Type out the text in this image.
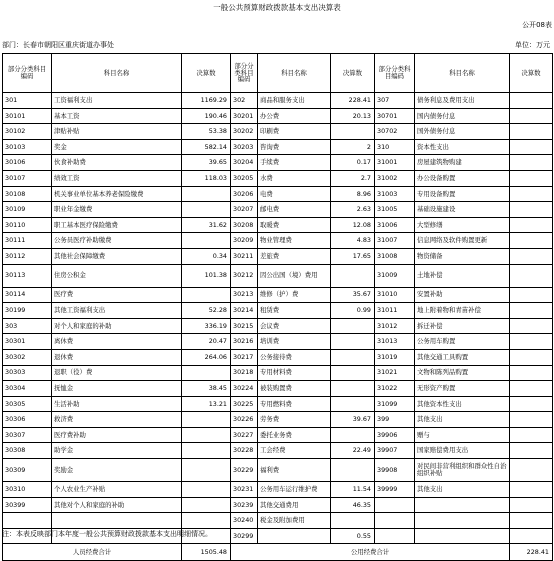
一般公共预算财政拨款基本支出决算表
公开08表
部门：长春市朝阳区重庆街道办事处	单位：万元
部分分类科目编码	科目名称	决算数	部分分类科目编码	科目名称	决算数	部分分类科目编码	科目名称	决算数
301	工资福利支出	1169.29	302	商品和服务支出	228.41	307	债务利息及费用支出	
30101	基本工资	190.46	30201	办公费	20.13	30701	国内债务付息	
30102	津贴补贴	53.38	30202	印刷费		30702	国外债务付息	
30103	奖金	582.14	30203	咨询费	2	310	资本性支出	
30106	伙食补助费	39.65	30204	手续费	0.17	31001	房屋建筑物购建	
30107	绩效工资	118.03	30205	水费	2.7	31002	办公设备购置	
30108	机关事业单位基本养老保险缴费		30206	电费	8.96	31003	专用设备购置	
30109	职业年金缴费		30207	邮电费	2.63	31005	基础设施建设	
30110	职工基本医疗保险缴费	31.62	30208	取暖费	12.08	31006	大型修缮	
30111	公务员医疗补助缴费		30209	物业管理费	4.83	31007	信息网络及软件购置更新	
30112	其他社会保障缴费	0.34	30211	差旅费	17.65	31008	物资储备	
30113	住房公积金	101.38	30212	因公出国（境）费用		31009	土地补偿	
30114	医疗费		30213	维修（护）费	35.67	31010	安置补助	
30199	其他工资福利支出	52.28	30214	租赁费	0.99	31011	地上附着物和青苗补偿	
303	对个人和家庭的补助	336.19	30215	会议费		31012	拆迁补偿	
30301	离休费	20.47	30216	培训费		31013	公务用车购置	
30302	退休费	264.06	30217	公务接待费		31019	其他交通工具购置	
30303	退职（役）费		30218	专用材料费		31021	文物和陈列品购置	
30304	抚恤金	38.45	30224	被装购置费		31022	无形资产购置	
30305	生活补助	13.21	30225	专用燃料费		31099	其他资本性支出	
30306	救济费		30226	劳务费	39.67	399	其他支出	
30307	医疗费补助		30227	委托业务费		39906	赠与	
30308	助学金		30228	工会经费	22.49	39907	国家赔偿费用支出	
30309	奖励金		30229	福利费		39908	对民间非营利组织和群众性自治组织补贴	
30310	个人农业生产补贴		30231	公务用车运行维护费	11.54	39999	其他支出	
30399	其他对个人和家庭的补助		30239	其他交通费用	46.35			
			30240	税金及附加费用				
			30299		0.55			
人员经费合计		1505.48	公用经费合计					228.41
注：本表反映部门本年度一般公共预算财政拨款基本支出明细情况。
